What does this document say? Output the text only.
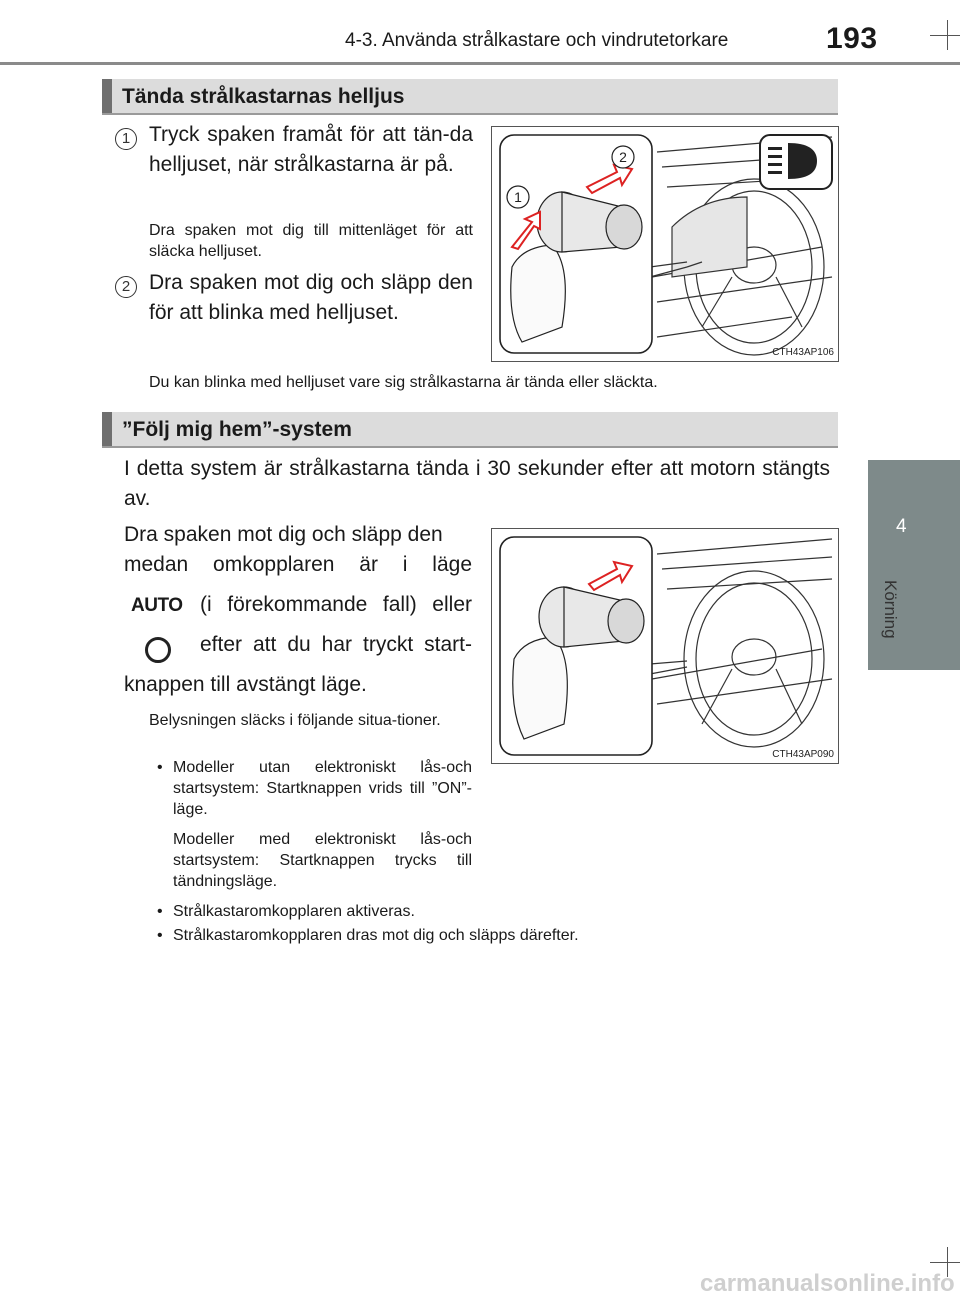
4-3. Använda strålkastare och vindrutetorkare	193
4
Körning
Tända strålkastarnas helljus
1 Tryck spaken framåt för att tän-da helljuset, när strålkastarna är på.
Dra spaken mot dig till mittenläget för att släcka helljuset.
2 Dra spaken mot dig och släpp den för att blinka med helljuset.
2
1
CTH43AP106
Du kan blinka med helljuset vare sig strålkastarna är tända eller släckta.
”Följ mig hem”-system
I detta system är strålkastarna tända i 30 sekunder efter att motorn stängts av.
Dra spaken mot dig och släpp den
medan omkopplaren är i läge
AUTO (i förekommande fall) eller
efter att du har tryckt start-
knappen till avstängt läge.
Belysningen släcks i följande situa-tioner.
• Modeller utan elektroniskt lås-och startsystem: Startknappen vrids till ”ON”-läge.
Modeller med elektroniskt lås-och startsystem: Startknappen trycks till tändningsläge.
• Strålkastaromkopplaren aktiveras.
• Strålkastaromkopplaren dras mot dig och släpps därefter.
CTH43AP090
carmanualsonline.info
